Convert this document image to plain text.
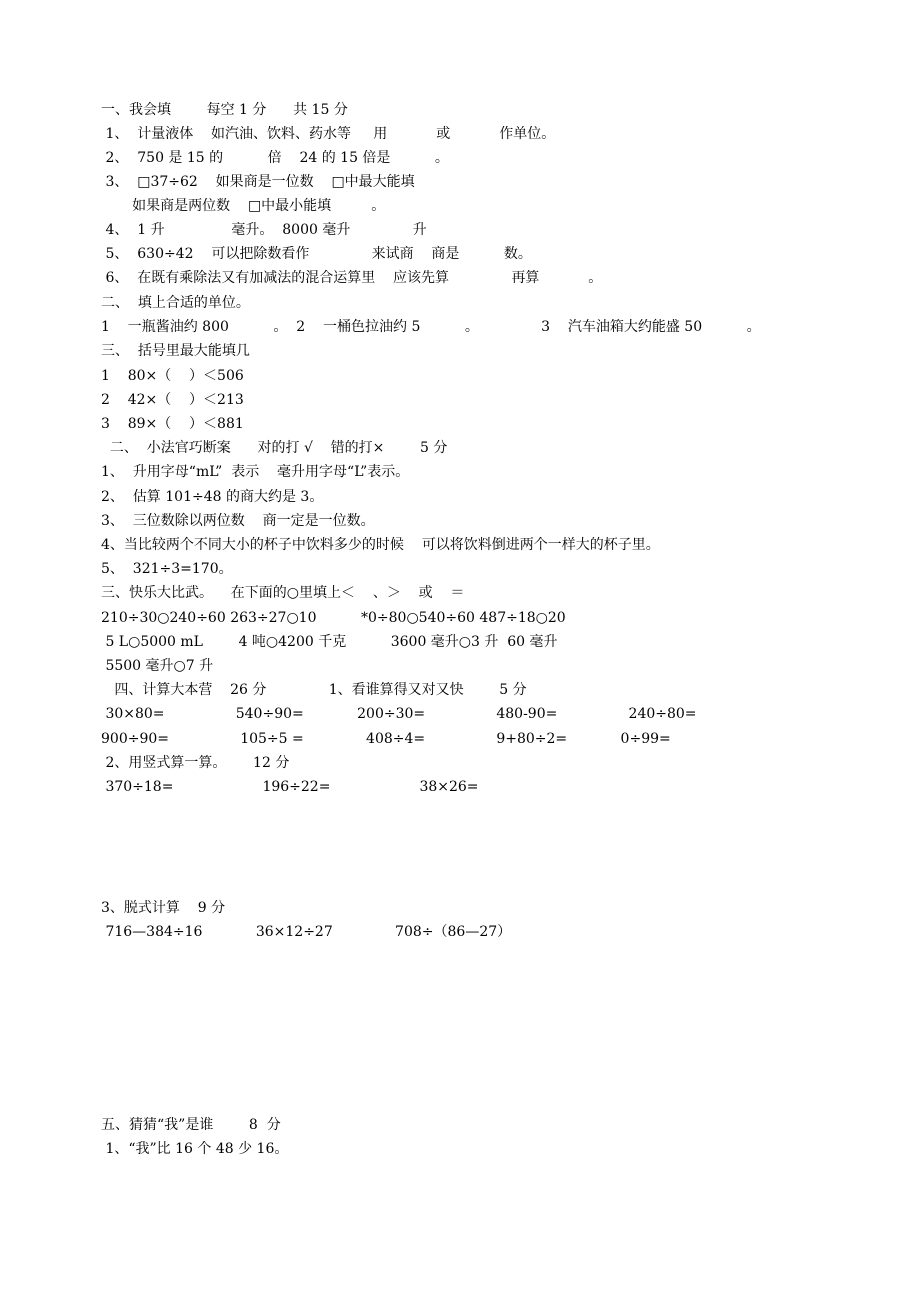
一、我会填        每空 1 分      共 15 分
1、  计量液体    如汽油、饮料、药水等     用           或           作单位。
2、  750 是 15 的          倍    24 的 15 倍是          。
3、  □37÷62    如果商是一位数    □中最大能填
如果商是两位数    □中最小能填         。
4、  1 升               毫升。  8000 毫升              升
5、  630÷42    可以把除数看作              来试商    商是          数。
6、  在既有乘除法又有加减法的混合运算里    应该先算              再算           。
二、  填上合适的单位。
1    一瓶酱油约 800          。  2    一桶色拉油约 5          。              3    汽车油箱大约能盛 50          。
三、  括号里最大能填几
1    80×（    ）＜506
2    42×（    ）＜213
3    89×（    ）＜881
二、  小法官巧断案      对的打 √    错的打×        5 分
1、  升用字母“mL”  表示    毫升用字母“L”表示。
2、  估算 101÷48 的商大约是 3。
3、  三位数除以两位数    商一定是一位数。
4、当比较两个不同大小的杯子中饮料多少的时候    可以将饮料倒进两个一样大的杯子里。
5、  321÷3=170。
三、快乐大比武。    在下面的○里填上＜    、＞    或    ＝
210÷30○240÷60 263÷27○10          *0÷80○540÷60 487÷18○20
5 L○5000 mL        4 吨○4200 千克          3600 毫升○3 升  60 毫升
5500 毫升○7 升
四、计算大本营    26 分              1、看谁算得又对又快        5 分
30×80=                540÷90=            200÷30=                480-90=                240÷80=
900÷90=                105÷5 =              408÷4=                9+80÷2=            0÷99=
2、用竖式算一算。      12 分
370÷18=                    196÷22=                    38×26=
3、脱式计算    9 分
716—384÷16            36×12÷27              708÷（86—27）
五、猜猜“我”是谁        8  分
1、“我”比 16 个 48 少 16。
